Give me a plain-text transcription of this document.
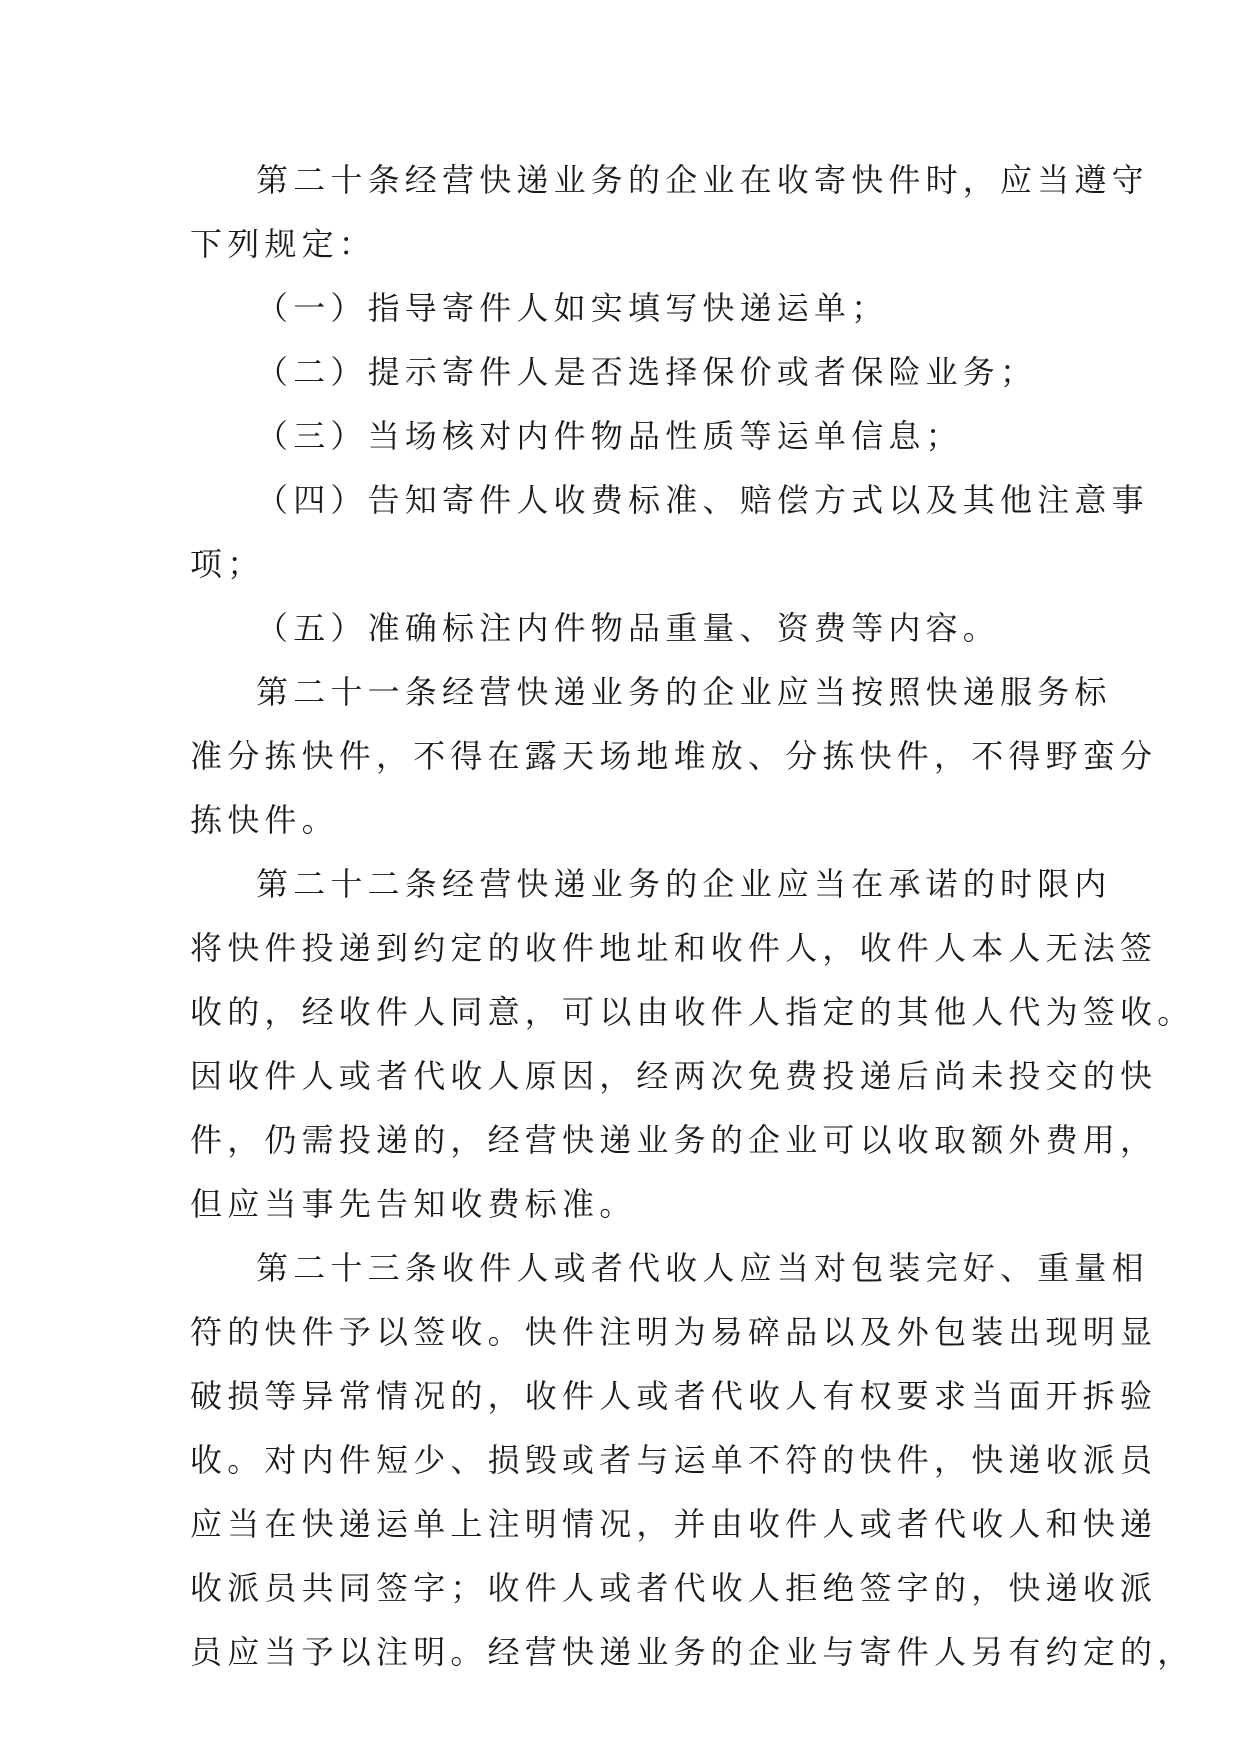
第二十条经营快递业务的企业在收寄快件时，应当遵守
下列规定：
（一）指导寄件人如实填写快递运单；
（二）提示寄件人是否选择保价或者保险业务；
（三）当场核对内件物品性质等运单信息；
（四）告知寄件人收费标准、赔偿方式以及其他注意事
项；
（五）准确标注内件物品重量、资费等内容。
第二十一条经营快递业务的企业应当按照快递服务标
准分拣快件，不得在露天场地堆放、分拣快件，不得野蛮分
拣快件。
第二十二条经营快递业务的企业应当在承诺的时限内
将快件投递到约定的收件地址和收件人，收件人本人无法签
收的，经收件人同意，可以由收件人指定的其他人代为签收。
因收件人或者代收人原因，经两次免费投递后尚未投交的快
件，仍需投递的，经营快递业务的企业可以收取额外费用，
但应当事先告知收费标准。
第二十三条收件人或者代收人应当对包装完好、重量相
符的快件予以签收。快件注明为易碎品以及外包装出现明显
破损等异常情况的，收件人或者代收人有权要求当面开拆验
收。对内件短少、损毁或者与运单不符的快件，快递收派员
应当在快递运单上注明情况，并由收件人或者代收人和快递
收派员共同签字；收件人或者代收人拒绝签字的，快递收派
员应当予以注明。经营快递业务的企业与寄件人另有约定的，
